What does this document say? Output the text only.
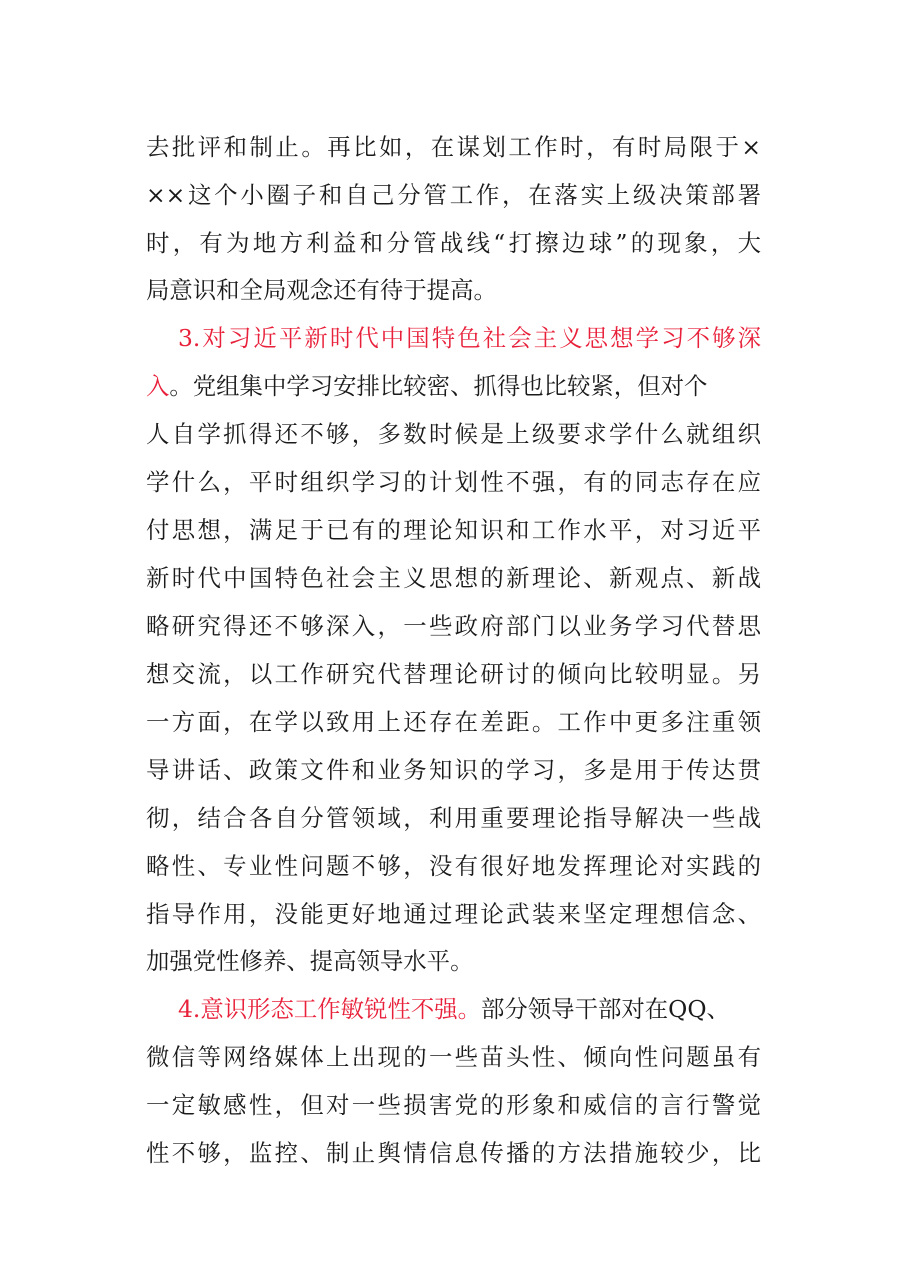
去批评和制止。再比如，在谋划工作时，有时局限于×
××这个小圈子和自己分管工作，在落实上级决策部署
时，有为地方利益和分管战线“打擦边球”的现象，大
局意识和全局观念还有待于提高。
3.对习近平新时代中国特色社会主义思想学习不够深
入。党组集中学习安排比较密、抓得也比较紧，但对个
人自学抓得还不够，多数时候是上级要求学什么就组织
学什么，平时组织学习的计划性不强，有的同志存在应
付思想，满足于已有的理论知识和工作水平，对习近平
新时代中国特色社会主义思想的新理论、新观点、新战
略研究得还不够深入，一些政府部门以业务学习代替思
想交流，以工作研究代替理论研讨的倾向比较明显。另
一方面，在学以致用上还存在差距。工作中更多注重领
导讲话、政策文件和业务知识的学习，多是用于传达贯
彻，结合各自分管领域，利用重要理论指导解决一些战
略性、专业性问题不够，没有很好地发挥理论对实践的
指导作用，没能更好地通过理论武装来坚定理想信念、
加强党性修养、提高领导水平。
4.意识形态工作敏锐性不强。部分领导干部对在QQ、
微信等网络媒体上出现的一些苗头性、倾向性问题虽有
一定敏感性，但对一些损害党的形象和威信的言行警觉
性不够，监控、制止舆情信息传播的方法措施较少，比
